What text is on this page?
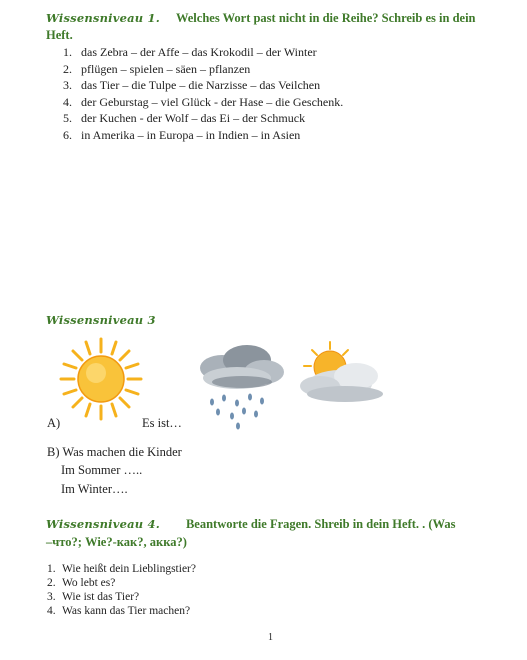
Wissensniveau 1. Welches Wort past nicht in die Reihe? Schreib es in dein
Heft.
1. das Zebra – der Affe – das Krokodil – der Winter
2. pflügen – spielen – säen – pflanzen
3. das Tier – die Tulpe – die Narzisse – das Veilchen
4. der Geburstag – viel Glück - der Hase – die Geschenk.
5. der Kuchen - der Wolf – das Ei – der Schmuck
6. in Amerika – in Europa – in Indien – in Asien
Wissensniveau 3
A)	Es ist…
B) Was machen die Kinder
Im Sommer …..
Im Winter….
Wissensniveau 4. Beantworte die Fragen. Shreib in dein Heft. . (Was
–что?; Wie?-как?, акка?)
1. Wie heißt dein Lieblingstier?
2. Wo lebt es?
3. Wie ist das Tier?
4. Was kann das Tier machen?
1
